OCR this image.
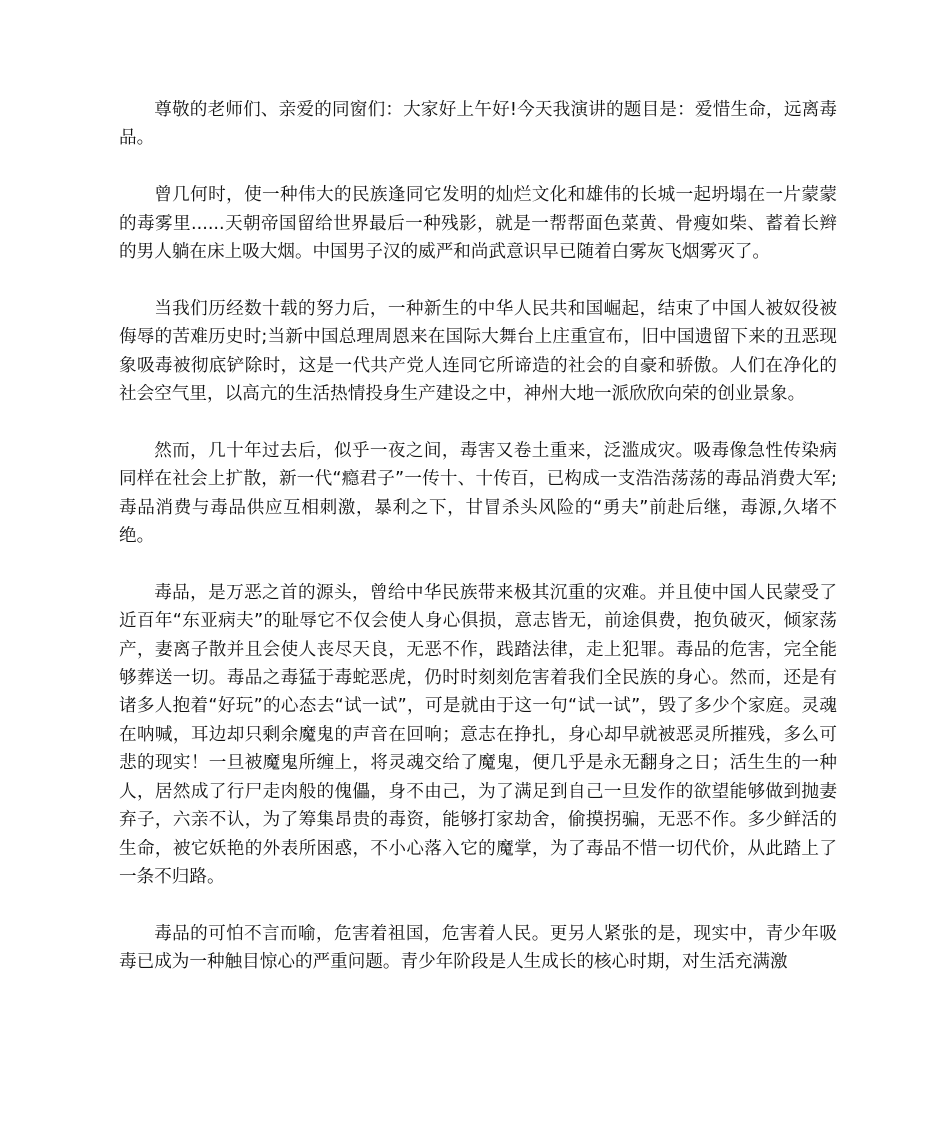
尊敬的老师们、亲爱的同窗们：大家好上午好!今天我演讲的题目是：爱惜生命，远离毒品。

曾几何时，使一种伟大的民族逢同它发明的灿烂文化和雄伟的长城一起坍塌在一片蒙蒙的毒雾里......天朝帝国留给世界最后一种残影，就是一帮帮面色菜黄、骨瘦如柴、蓄着长辫的男人躺在床上吸大烟。中国男子汉的威严和尚武意识早已随着白雾灰飞烟雾灭了。

当我们历经数十载的努力后，一种新生的中华人民共和国崛起，结束了中国人被奴役被侮辱的苦难历史时;当新中国总理周恩来在国际大舞台上庄重宣布，旧中国遗留下来的丑恶现象吸毒被彻底铲除时，这是一代共产党人连同它所谛造的社会的自豪和骄傲。人们在净化的社会空气里，以高亢的生活热情投身生产建设之中，神州大地一派欣欣向荣的创业景象。

然而，几十年过去后，似乎一夜之间，毒害又卷土重来，泛滥成灾。吸毒像急性传染病同样在社会上扩散，新一代“瘾君子”一传十、十传百，已构成一支浩浩荡荡的毒品消费大军;毒品消费与毒品供应互相刺激，暴利之下，甘冒杀头风险的“勇夫”前赴后继，毒源,久堵不绝。

毒品，是万恶之首的源头，曾给中华民族带来极其沉重的灾难。并且使中国人民蒙受了近百年“东亚病夫”的耻辱它不仅会使人身心俱损，意志皆无，前途俱费，抱负破灭，倾家荡产，妻离子散并且会使人丧尽天良，无恶不作，践踏法律，走上犯罪。毒品的危害，完全能够葬送一切。毒品之毒猛于毒蛇恶虎，仍时时刻刻危害着我们全民族的身心。然而，还是有诸多人抱着“好玩”的心态去“试一试”，可是就由于这一句“试一试”，毁了多少个家庭。灵魂在呐喊，耳边却只剩余魔鬼的声音在回响；意志在挣扎，身心却早就被恶灵所摧残，多么可悲的现实！一旦被魔鬼所缠上，将灵魂交给了魔鬼，便几乎是永无翻身之日；活生生的一种人，居然成了行尸走肉般的傀儡，身不由己，为了满足到自己一旦发作的欲望能够做到抛妻弃子，六亲不认，为了筹集昂贵的毒资，能够打家劫舍，偷摸拐骗，无恶不作。多少鲜活的生命，被它妖艳的外表所困惑，不小心落入它的魔掌，为了毒品不惜一切代价，从此踏上了一条不归路。

毒品的可怕不言而喻，危害着祖国，危害着人民。更另人紧张的是，现实中，青少年吸毒已成为一种触目惊心的严重问题。青少年阶段是人生成长的核心时期，对生活充满激
